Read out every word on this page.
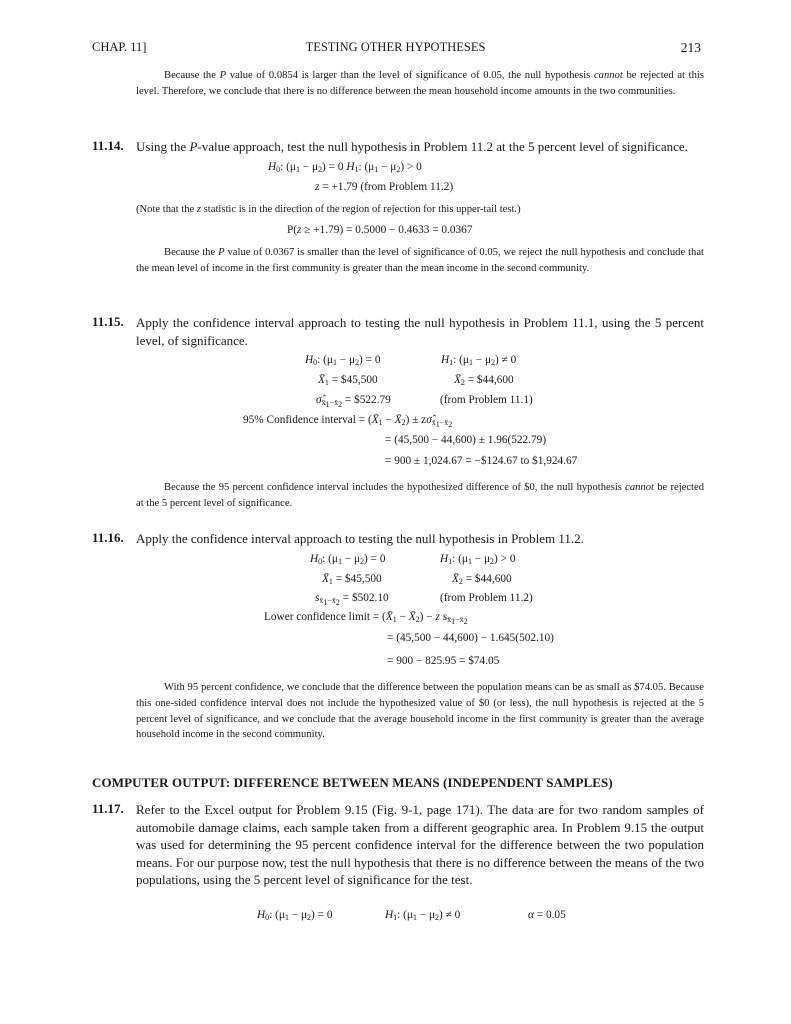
CHAP. 11]	TESTING OTHER HYPOTHESES	213
Because the P value of 0.0854 is larger than the level of significance of 0.05, the null hypothesis cannot be rejected at this level. Therefore, we conclude that there is no difference between the mean household income amounts in the two communities.
11.14. Using the P-value approach, test the null hypothesis in Problem 11.2 at the 5 percent level of significance.
$H_0$: $(\mu_1 - \mu_2) = 0$ $H_1$: $(\mu_1 - \mu_2) > 0$
z = +1.79 (from Problem 11.2)
(Note that the z statistic is in the direction of the region of rejection for this upper-tail test.)
P(z ≥ +1.79) = 0.5000 − 0.4633 = 0.0367
Because the P value of 0.0367 is smaller than the level of significance of 0.05, we reject the null hypothesis and conclude that the mean level of income in the first community is greater than the mean income in the second community.
11.15. Apply the confidence interval approach to testing the null hypothesis in Problem 11.1, using the 5 percent level, of significance.
$H_0$: $(\mu_1 - \mu_2) = 0$	$H_1$: $(\mu_1 - \mu_2) \ne 0$
$X̄_1$ = $45,500	$X̄_2$ = $44,600
$\sigmâ_{x̄_1-x̄_2}$ = $522.79	(from Problem 11.1)
95% Confidence interval = ($X̄_1$ − $X̄_2$) ± $z\sigmâ_{x̄_1-x̄_2}$
= (45,500 − 44,600) ± 1.96(522.79)
= 900 ± 1,024.67 = −$124.67 to $1,924.67
Because the 95 percent confidence interval includes the hypothesized difference of $0, the null hypothesis cannot be rejected at the 5 percent level of significance.
11.16. Apply the confidence interval approach to testing the null hypothesis in Problem 11.2.
$H_0$: $(\mu_1 - \mu_2) = 0$	$H_1$: $(\mu_1 - \mu_2) > 0$
$X̄_1$ = $45,500	$X̄_2$ = $44,600
$s_{x̄_1-x̄_2}$ = $502.10	(from Problem 11.2)
Lower confidence limit = ($X̄_1$ − $X̄_2) - z$ $s_{x̄_1-x̄_2}$
= (45,500 − 44,600) − 1.645(502.10)
= 900 − 825.95 = $74.05
With 95 percent confidence, we conclude that the difference between the population means can be as small as $74.05. Because this one-sided confidence interval does not include the hypothesized value of $0 (or less), the null hypothesis is rejected at the 5 percent level of significance, and we conclude that the average household income in the first community is greater than the average household income in the second community.
COMPUTER OUTPUT: DIFFERENCE BETWEEN MEANS (INDEPENDENT SAMPLES)
11.17. Refer to the Excel output for Problem 9.15 (Fig. 9-1, page 171). The data are for two random samples of automobile damage claims, each sample taken from a different geographic area. In Problem 9.15 the output was used for determining the 95 percent confidence interval for the difference between the two population means. For our purpose now, test the null hypothesis that there is no difference between the means of the two populations, using the 5 percent level of significance for the test.
$H_0$: $(\mu_1 - \mu_2) = 0$	$H_1$: $(\mu_1 - \mu_2) \ne 0$	α = 0.05
